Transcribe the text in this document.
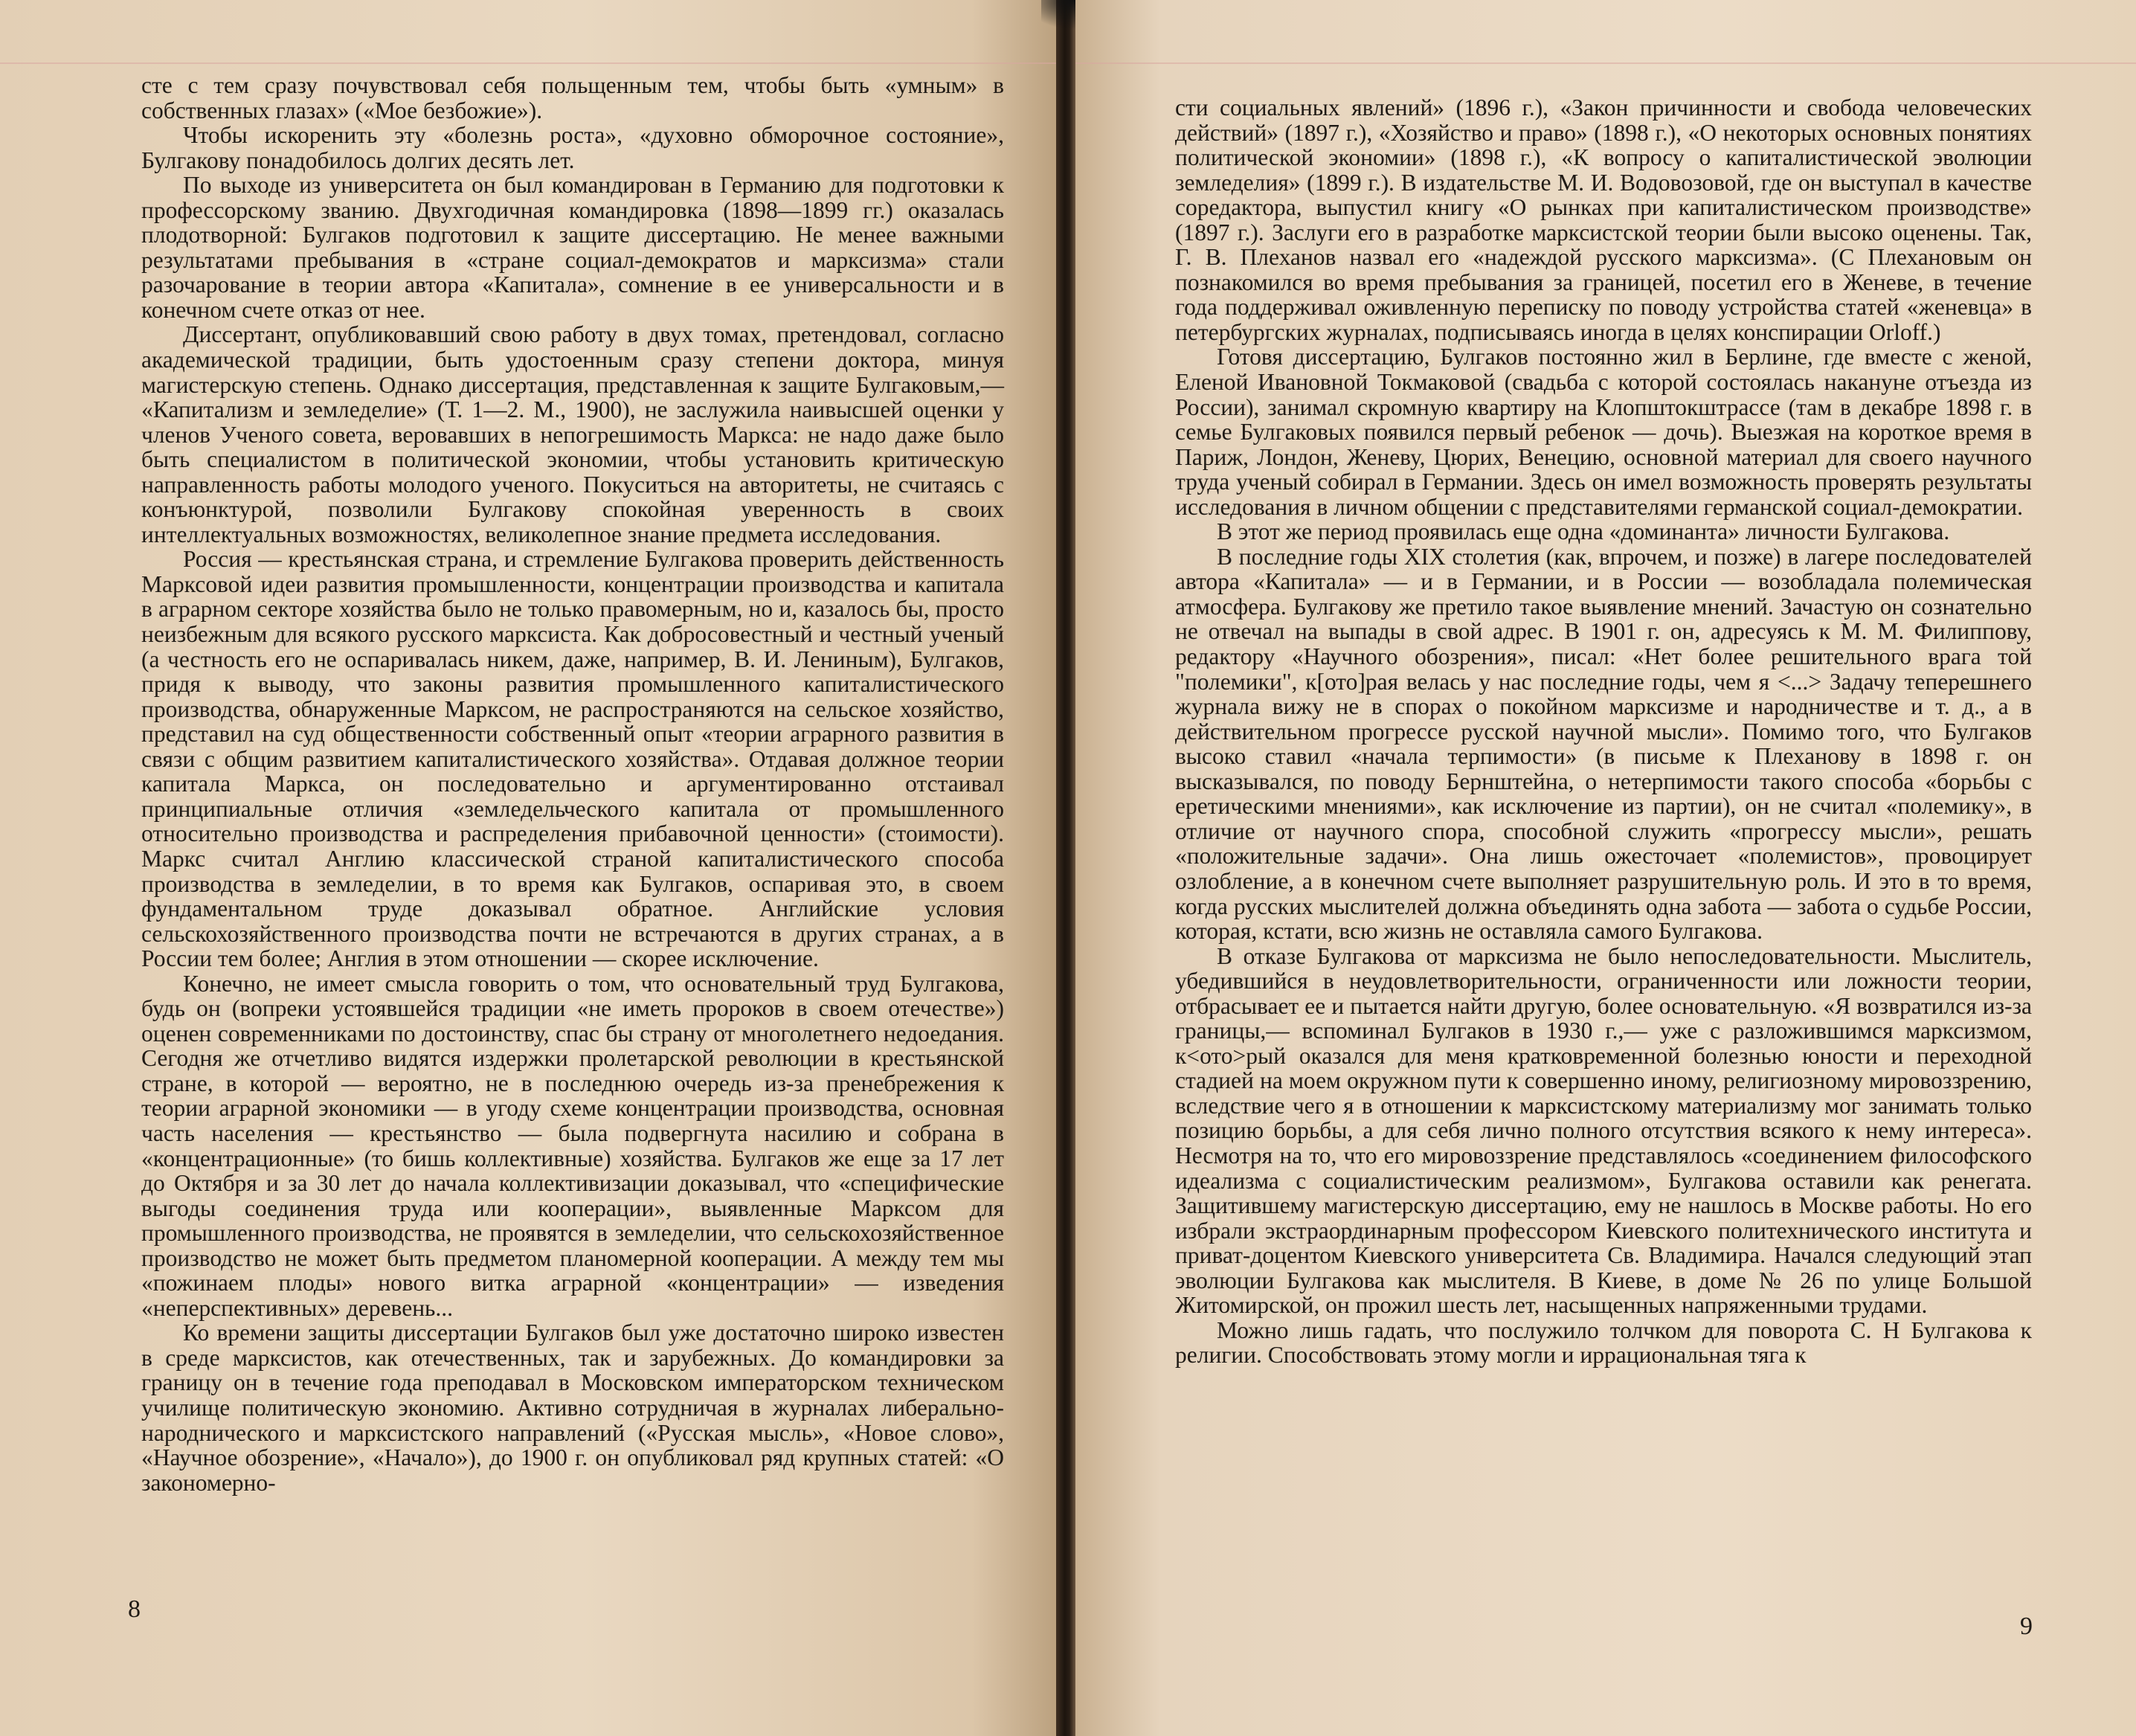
сте с тем сразу почувствовал себя польщенным тем, чтобы быть «умным» в собственных глазах» («Мое безбожие»).

Чтобы искоренить эту «болезнь роста», «духовно обморочное состояние», Булгакову понадобилось долгих десять лет.

По выходе из университета он был командирован в Германию для подготовки к профессорскому званию. Двухгодичная командировка (1898—1899 гг.) оказалась плодотворной: Булгаков подготовил к защите диссертацию. Не менее важными результатами пребывания в «стране социал-демократов и марксизма» стали разочарование в теории автора «Капитала», сомнение в ее универсальности и в конечном счете отказ от нее.

Диссертант, опубликовавший свою работу в двух томах, претендовал, согласно академической традиции, быть удостоенным сразу степени доктора, минуя магистерскую степень. Однако диссертация, представленная к защите Булгаковым,— «Капитализм и земледелие» (Т. 1—2. М., 1900), не заслужила наивысшей оценки у членов Ученого совета, веровавших в непогрешимость Маркса: не надо даже было быть специалистом в политической экономии, чтобы установить критическую направленность работы молодого ученого. Покуситься на авторитеты, не считаясь с конъюнктурой, позволили Булгакову спокойная уверенность в своих интеллектуальных возможностях, великолепное знание предмета исследования.

Россия — крестьянская страна, и стремление Булгакова проверить действенность Марксовой идеи развития промышленности, концентрации производства и капитала в аграрном секторе хозяйства было не только правомерным, но и, казалось бы, просто неизбежным для всякого русского марксиста. Как добросовестный и честный ученый (а честность его не оспаривалась никем, даже, например, В. И. Лениным), Булгаков, придя к выводу, что законы развития промышленного капиталистического производства, обнаруженные Марксом, не распространяются на сельское хозяйство, представил на суд общественности собственный опыт «теории аграрного развития в связи с общим развитием капиталистического хозяйства». Отдавая должное теории капитала Маркса, он последовательно и аргументированно отстаивал принципиальные отличия «земледельческого капитала от промышленного относительно производства и распределения прибавочной ценности» (стоимости). Маркс считал Англию классической страной капиталистического способа производства в земледелии, в то время как Булгаков, оспаривая это, в своем фундаментальном труде доказывал обратное. Английские условия сельскохозяйственного производства почти не встречаются в других странах, а в России тем более; Англия в этом отношении — скорее исключение.

Конечно, не имеет смысла говорить о том, что основательный труд Булгакова, будь он (вопреки устоявшейся традиции «не иметь пророков в своем отечестве») оценен современниками по достоинству, спас бы страну от многолетнего недоедания. Сегодня же отчетливо видятся издержки пролетарской революции в крестьянской стране, в которой — вероятно, не в последнюю очередь из-за пренебрежения к теории аграрной экономики — в угоду схеме концентрации производства, основная часть населения — крестьянство — была подвергнута насилию и собрана в «концентрационные» (то бишь коллективные) хозяйства. Булгаков же еще за 17 лет до Октября и за 30 лет до начала коллективизации доказывал, что «специфические выгоды соединения труда или кооперации», выявленные Марксом для промышленного производства, не проявятся в земледелии, что сельскохозяйственное производство не может быть предметом планомерной кооперации. А между тем мы «пожинаем плоды» нового витка аграрной «концентрации» — изведения «неперспективных» деревень...

Ко времени защиты диссертации Булгаков был уже достаточно широко известен в среде марксистов, как отечественных, так и зарубежных. До командировки за границу он в течение года преподавал в Московском императорском техническом училище политическую экономию. Активно сотрудничая в журналах либерально-народнического и марксистского направлений («Русская мысль», «Новое слово», «Научное обозрение», «Начало»), до 1900 г. он опубликовал ряд крупных статей: «О закономерно-

сти социальных явлений» (1896 г.), «Закон причинности и свобода человеческих действий» (1897 г.), «Хозяйство и право» (1898 г.), «О некоторых основных понятиях политической экономии» (1898 г.), «К вопросу о капиталистической эволюции земледелия» (1899 г.). В издательстве М. И. Водовозовой, где он выступал в качестве соредактора, выпустил книгу «О рынках при капиталистическом производстве» (1897 г.). Заслуги его в разработке марксистской теории были высоко оценены. Так, Г. В. Плеханов назвал его «надеждой русского марксизма». (С Плехановым он познакомился во время пребывания за границей, посетил его в Женеве, в течение года поддерживал оживленную переписку по поводу устройства статей «женевца» в петербургских журналах, подписываясь иногда в целях конспирации Orloff.)

Готовя диссертацию, Булгаков постоянно жил в Берлине, где вместе с женой, Еленой Ивановной Токмаковой (свадьба с которой состоялась накануне отъезда из России), занимал скромную квартиру на Клопштокштрассе (там в декабре 1898 г. в семье Булгаковых появился первый ребенок — дочь). Выезжая на короткое время в Париж, Лондон, Женеву, Цюрих, Венецию, основной материал для своего научного труда ученый собирал в Германии. Здесь он имел возможность проверять результаты исследования в личном общении с представителями германской социал-демократии.

В этот же период проявилась еще одна «доминанта» личности Булгакова.

В последние годы XIX столетия (как, впрочем, и позже) в лагере последователей автора «Капитала» — и в Германии, и в России — возобладала полемическая атмосфера. Булгакову же претило такое выявление мнений. Зачастую он сознательно не отвечал на выпады в свой адрес. В 1901 г. он, адресуясь к М. М. Филиппову, редактору «Научного обозрения», писал: «Нет более решительного врага той "полемики", к[ото]рая велась у нас последние годы, чем я <...> Задачу теперешнего журнала вижу не в спорах о покойном марксизме и народничестве и т. д., а в действительном прогрессе русской научной мысли». Помимо того, что Булгаков высоко ставил «начала терпимости» (в письме к Плеханову в 1898 г. он высказывался, по поводу Бернштейна, о нетерпимости такого способа «борьбы с еретическими мнениями», как исключение из партии), он не считал «полемику», в отличие от научного спора, способной служить «прогрессу мысли», решать «положительные задачи». Она лишь ожесточает «полемистов», провоцирует озлобление, а в конечном счете выполняет разрушительную роль. И это в то время, когда русских мыслителей должна объединять одна забота — забота о судьбе России, которая, кстати, всю жизнь не оставляла самого Булгакова.

В отказе Булгакова от марксизма не было непоследовательности. Мыслитель, убедившийся в неудовлетворительности, ограниченности или ложности теории, отбрасывает ее и пытается найти другую, более основательную. «Я возвратился из-за границы,— вспоминал Булгаков в 1930 г.,— уже с разложившимся марксизмом, к<ото>рый оказался для меня кратковременной болезнью юности и переходной стадией на моем окружном пути к совершенно иному, религиозному мировоззрению, вследствие чего я в отношении к марксистскому материализму мог занимать только позицию борьбы, а для себя лично полного отсутствия всякого к нему интереса». Несмотря на то, что его мировоззрение представлялось «соединением философского идеализма с социалистическим реализмом», Булгакова оставили как ренегата. Защитившему магистерскую диссертацию, ему не нашлось в Москве работы. Но его избрали экстраординарным профессором Киевского политехнического института и приват-доцентом Киевского университета Св. Владимира. Начался следующий этап эволюции Булгакова как мыслителя. В Киеве, в доме № 26 по улице Большой Житомирской, он прожил шесть лет, насыщенных напряженными трудами.

Можно лишь гадать, что послужило толчком для поворота С. Н Булгакова к религии. Способствовать этому могли и иррациональная тяга к

8
9
